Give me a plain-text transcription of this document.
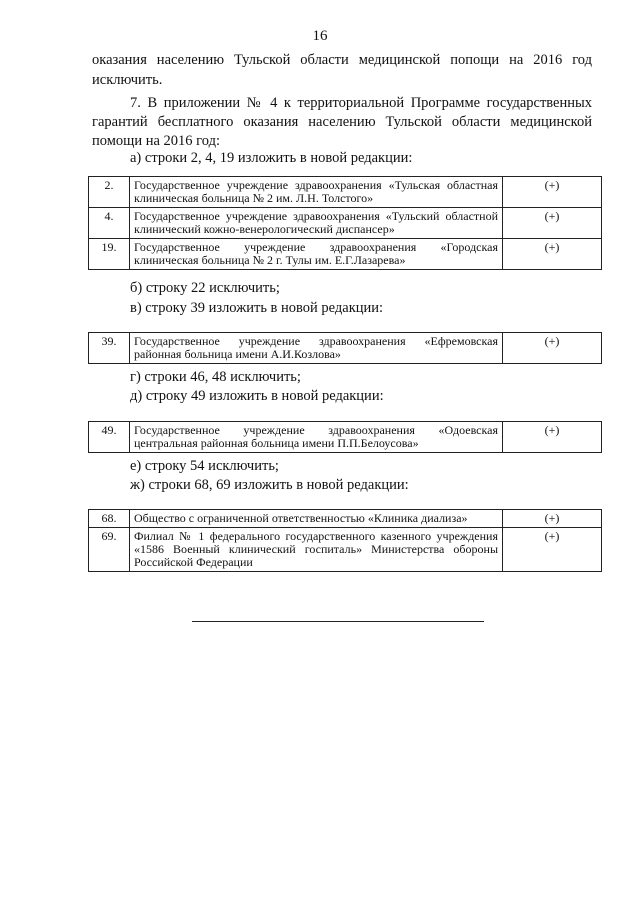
16
оказания населению Тульской области медицинской попощи на 2016 год исключить.
7. В приложении № 4 к территориальной Программе государственных гарантий бесплатного оказания населению Тульской области медицинской помощи на 2016 год:
а) строки 2, 4, 19 изложить в новой редакции:
2.	Государственное учреждение здравоохранения «Тульская областная клиническая больница № 2 им. Л.Н. Толстого»	(+)
4.	Государственное учреждение здравоохранения «Тульский областной клинический кожно-венерологический диспансер»	(+)
19.	Государственное учреждение здравоохранения «Городская клиническая больница № 2 г. Тулы им. Е.Г.Лазарева»	(+)
б) строку 22 исключить;
в) строку 39 изложить в новой редакции:
39.	Государственное учреждение здравоохранения «Ефремовская районная больница имени А.И.Козлова»	(+)
г) строки 46, 48 исключить;
д) строку 49 изложить в новой редакции:
49.	Государственное учреждение здравоохранения «Одоевская центральная районная больница имени П.П.Белоусова»	(+)
е) строку 54 исключить;
ж) строки 68, 69 изложить в новой редакции:
68.	Общество с ограниченной ответственностью «Клиника диализа»	(+)
69.	Филиал № 1 федерального государственного казенного учреждения «1586 Военный клинический госпиталь» Министерства обороны Российской Федерации	(+)
